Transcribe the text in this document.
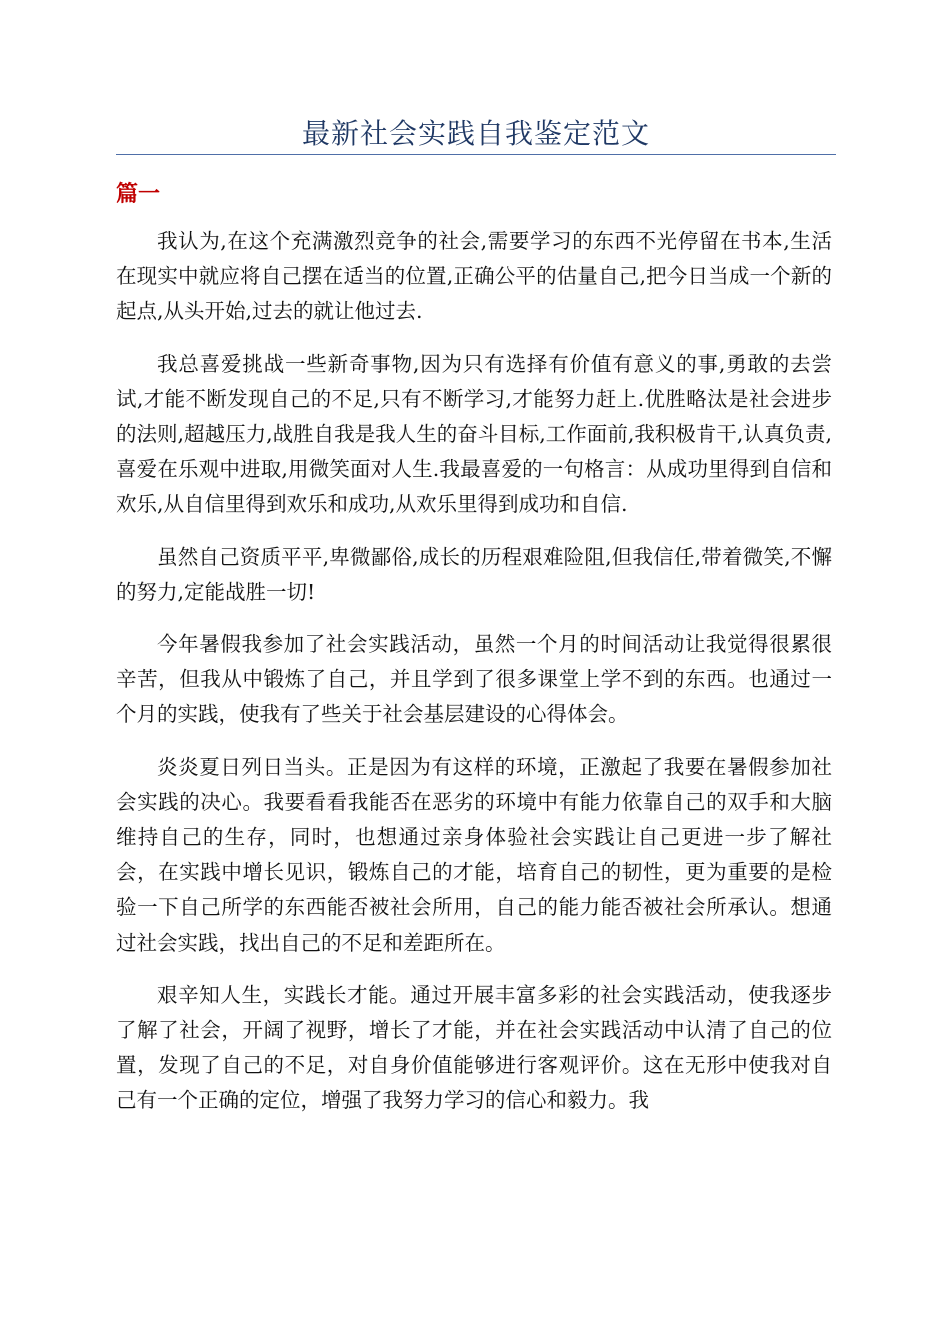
最新社会实践自我鉴定范文
篇一

我认为,在这个充满激烈竞争的社会,需要学习的东西不光停留在书本,生活在现实中就应将自己摆在适当的位置,正确公平的估量自己,把今日当成一个新的起点,从头开始,过去的就让他过去.

我总喜爱挑战一些新奇事物,因为只有选择有价值有意义的事,勇敢的去尝试,才能不断发现自己的不足,只有不断学习,才能努力赶上.优胜略汰是社会进步的法则,超越压力,战胜自我是我人生的奋斗目标,工作面前,我积极肯干,认真负责,喜爱在乐观中进取,用微笑面对人生.我最喜爱的一句格言：从成功里得到自信和欢乐,从自信里得到欢乐和成功,从欢乐里得到成功和自信.

虽然自己资质平平,卑微鄙俗,成长的历程艰难险阻,但我信任,带着微笑,不懈的努力,定能战胜一切!

今年暑假我参加了社会实践活动，虽然一个月的时间活动让我觉得很累很辛苦，但我从中锻炼了自己，并且学到了很多课堂上学不到的东西。也通过一个月的实践，使我有了些关于社会基层建设的心得体会。

炎炎夏日列日当头。正是因为有这样的环境，正激起了我要在暑假参加社会实践的决心。我要看看我能否在恶劣的环境中有能力依靠自己的双手和大脑维持自己的生存，同时，也想通过亲身体验社会实践让自己更进一步了解社会，在实践中增长见识，锻炼自己的才能，培育自己的韧性，更为重要的是检验一下自己所学的东西能否被社会所用，自己的能力能否被社会所承认。想通过社会实践，找出自己的不足和差距所在。

艰辛知人生，实践长才能。通过开展丰富多彩的社会实践活动，使我逐步了解了社会，开阔了视野，增长了才能，并在社会实践活动中认清了自己的位置，发现了自己的不足，对自身价值能够进行客观评价。这在无形中使我对自己有一个正确的定位，增强了我努力学习的信心和毅力。我
